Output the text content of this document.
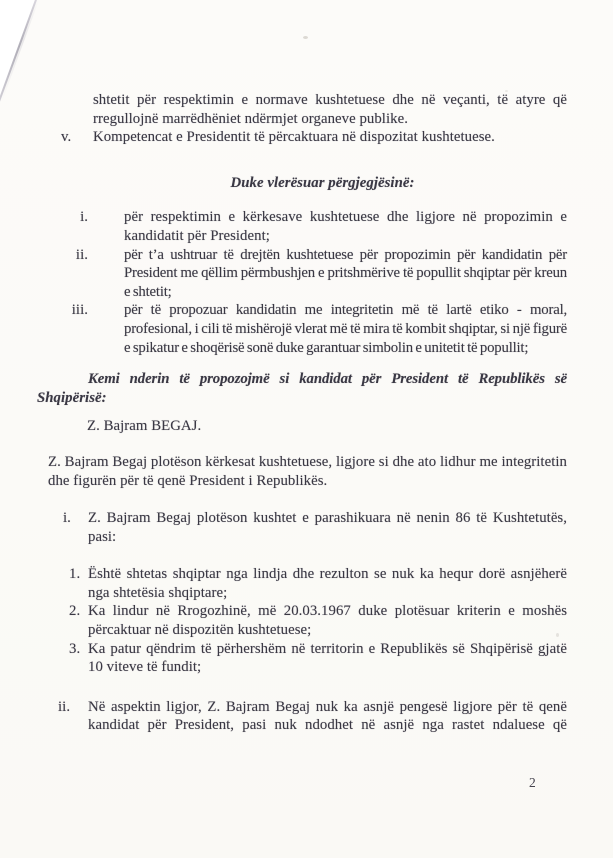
shtetit për respektimin e normave kushtetuese dhe në veçanti, të atyre që rregullojnë marrëdhëniet ndërmjet organeve publike.
v.	Kompetencat e Presidentit të përcaktuara në dispozitat kushtetuese.
Duke vlerësuar përgjegjësinë:
i. për respektimin e kërkesave kushtetuese dhe ligjore në propozimin e kandidatit për President;
ii. për t’a ushtruar të drejtën kushtetuese për propozimin për kandidatin për President me qëllim përmbushjen e pritshmërive të popullit shqiptar për kreun e shtetit;
iii. për të propozuar kandidatin me integritetin më të lartë etiko - moral, profesional, i cili të mishërojë vlerat më të mira të kombit shqiptar, si një figurë e spikatur e shoqërisë sonë duke garantuar simbolin e unitetit të popullit;
Kemi nderin të propozojmë si kandidat për President të Republikës së
Shqipërisë:
Z. Bajram BEGAJ.
Z. Bajram Begaj plotëson kërkesat kushtetuese, ligjore si dhe ato lidhur me integritetin dhe figurën për të qenë President i Republikës.
i.	Z. Bajram Begaj plotëson kushtet e parashikuara në nenin 86 të Kushtetutës, pasi:
1. Është shtetas shqiptar nga lindja dhe rezulton se nuk ka hequr dorë asnjëherë nga shtetësia shqiptare;
2. Ka lindur në Rrogozhinë, më 20.03.1967 duke plotësuar kriterin e moshës përcaktuar në dispozitën kushtetuese;
3. Ka patur qëndrim të përhershëm në territorin e Republikës së Shqipërisë gjatë 10 viteve të fundit;
ii.	Në aspektin ligjor, Z. Bajram Begaj nuk ka asnjë pengesë ligjore për të qenë kandidat për President, pasi nuk ndodhet në asnjë nga rastet ndaluese që
2
